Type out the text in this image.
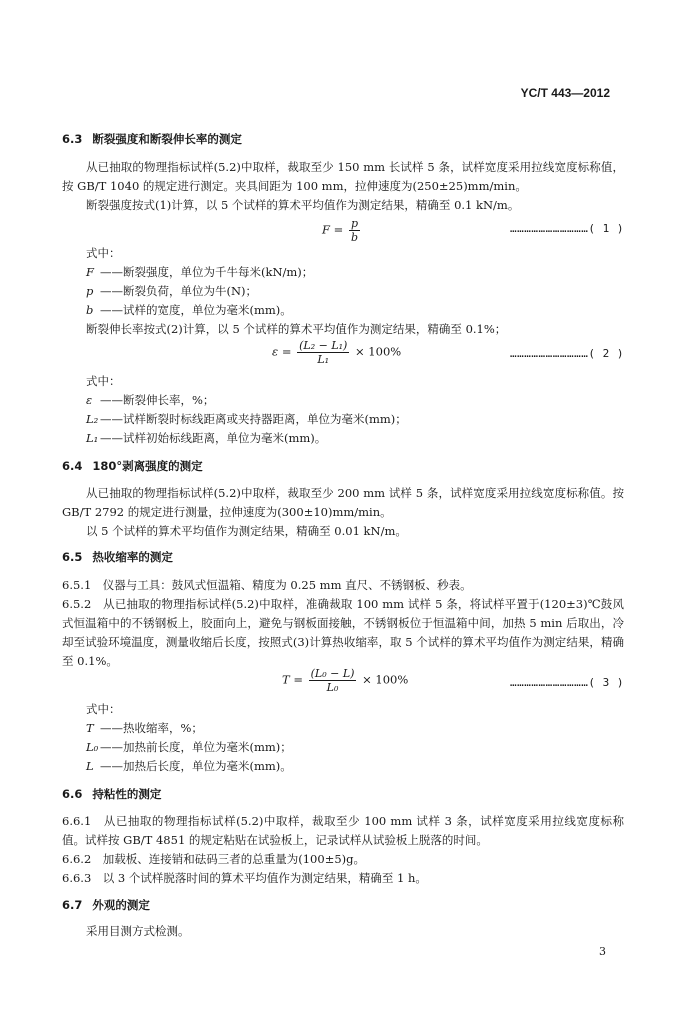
YC/T 443—2012
6.3 断裂强度和断裂伸长率的测定
从已抽取的物理指标试样(5.2)中取样，裁取至少 150 mm 长试样 5 条，试样宽度采用拉线宽度标称值，按 GB/T 1040 的规定进行测定。夹具间距为 100 mm，拉伸速度为(250±25)mm/min。
断裂强度按式(1)计算，以 5 个试样的算术平均值作为测定结果，精确至 0.1 kN/m。
$F = \frac{p}{b}$	……………………………( 1 )
式中：
F ——断裂强度，单位为千牛每米(kN/m)；
p ——断裂负荷，单位为牛(N)；
b ——试样的宽度，单位为毫米(mm)。
断裂伸长率按式(2)计算，以 5 个试样的算术平均值作为测定结果，精确至 0.1%；
$\varepsilon = \frac{\text{(L₂ − L₁)}}{\text{L₁}} \times 100\%$	……………………………( 2 )
式中：
ε ——断裂伸长率，%；
L₂ ——试样断裂时标线距离或夹持器距离，单位为毫米(mm)；
L₁ ——试样初始标线距离，单位为毫米(mm)。
6.4 180°剥离强度的测定
从已抽取的物理指标试样(5.2)中取样，裁取至少 200 mm 试样 5 条，试样宽度采用拉线宽度标称值。按 GB/T 2792 的规定进行测量，拉伸速度为(300±10)mm/min。
以 5 个试样的算术平均值作为测定结果，精确至 0.01 kN/m。
6.5 热收缩率的测定
6.5.1　仪器与工具：鼓风式恒温箱、精度为 0.25 mm 直尺、不锈钢板、秒表。
6.5.2　从已抽取的物理指标试样(5.2)中取样，准确裁取 100 mm 试样 5 条，将试样平置于(120±3)℃鼓风式恒温箱中的不锈钢板上，胶面向上，避免与钢板面接触，不锈钢板位于恒温箱中间，加热 5 min 后取出，冷却至试验环境温度，测量收缩后长度，按照式(3)计算热收缩率，取 5 个试样的算术平均值作为测定结果，精确至 0.1%。
$T = \frac{\text{(L₀ − L)}}{\text{L₀}} \times 100\%$	……………………………( 3 )
式中：
T ——热收缩率，%；
L₀ ——加热前长度，单位为毫米(mm)；
L ——加热后长度，单位为毫米(mm)。
6.6 持粘性的测定
6.6.1　从已抽取的物理指标试样(5.2)中取样，裁取至少 100 mm 试样 3 条，试样宽度采用拉线宽度标称值。试样按 GB/T 4851 的规定粘贴在试验板上，记录试样从试验板上脱落的时间。
6.6.2　加载板、连接销和砝码三者的总重量为(100±5)g。
6.6.3　以 3 个试样脱落时间的算术平均值作为测定结果，精确至 1 h。
6.7 外观的测定
采用目测方式检测。
3
